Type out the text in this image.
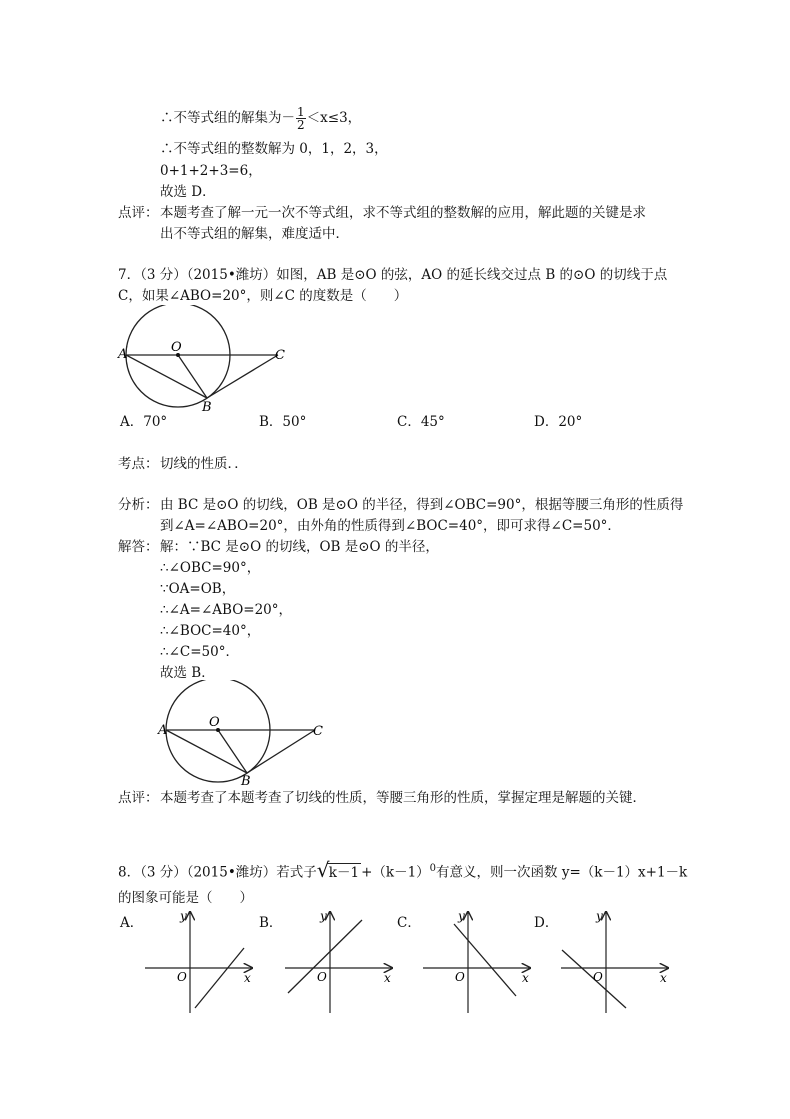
∴不等式组的解集为－ $\frac{1}{2} <x\le 3$，
∴不等式组的整数解为 0，1，2，3，
0+1+2+3=6，
故选 D．
点评： 本题考查了解一元一次不等式组，求不等式组的整数解的应用，解此题的关键是求
出不等式组的解集，难度适中．
7．（3 分）（2015•潍坊）如图，AB 是⊙O 的弦，AO 的延长线交过点 B 的⊙O 的切线于点
C，如果∠ABO=20°，则∠C 的度数是（　　）
A	O
C
B
A．70°	B．50°	C．45°	D．20°
考点： 切线的性质．．
分析： 由 BC 是⊙O 的切线，OB 是⊙O 的半径，得到∠OBC=90°，根据等腰三角形的性质得
到∠A=∠ABO=20°，由外角的性质得到∠BOC=40°，即可求得∠C=50°．
解答： 解：∵BC 是⊙O 的切线，OB 是⊙O 的半径，
∴∠OBC=90°，
∵OA=OB，
∴∠A=∠ABO=20°，
∴∠BOC=40°，
∴∠C=50°．
故选 B．
A
O
C
B
点评： 本题考查了本题考查了切线的性质，等腰三角形的性质，掌握定理是解题的关键．
8．（3 分）（2015•潍坊）若式子 √ $k-1 +(k-1)^0$有意义，则一次函数 y=（k－1）x+1－k
的图象可能是（　　）
A．	B．	C．	D．
y
x
O
y
x
O
y
x
O
y
x
O
